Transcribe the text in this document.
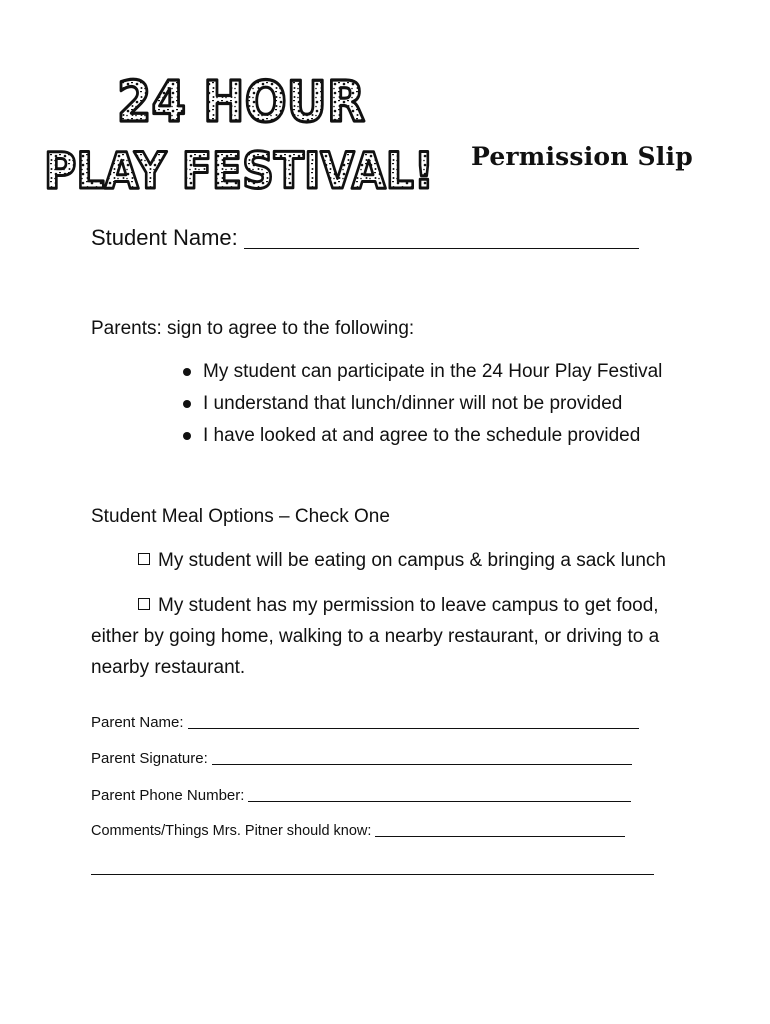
24 HOUR
PLAY FESTIVAL! Permission Slip
Student Name:
Parents: sign to agree to the following:
My student can participate in the 24 Hour Play Festival
I understand that lunch/dinner will not be provided
I have looked at and agree to the schedule provided
Student Meal Options – Check One
My student will be eating on campus & bringing a sack lunch
My student has my permission to leave campus to get food,
either by going home, walking to a nearby restaurant, or driving to a
nearby restaurant.
Parent Name:
Parent Signature:
Parent Phone Number:
Comments/Things Mrs. Pitner should know:
